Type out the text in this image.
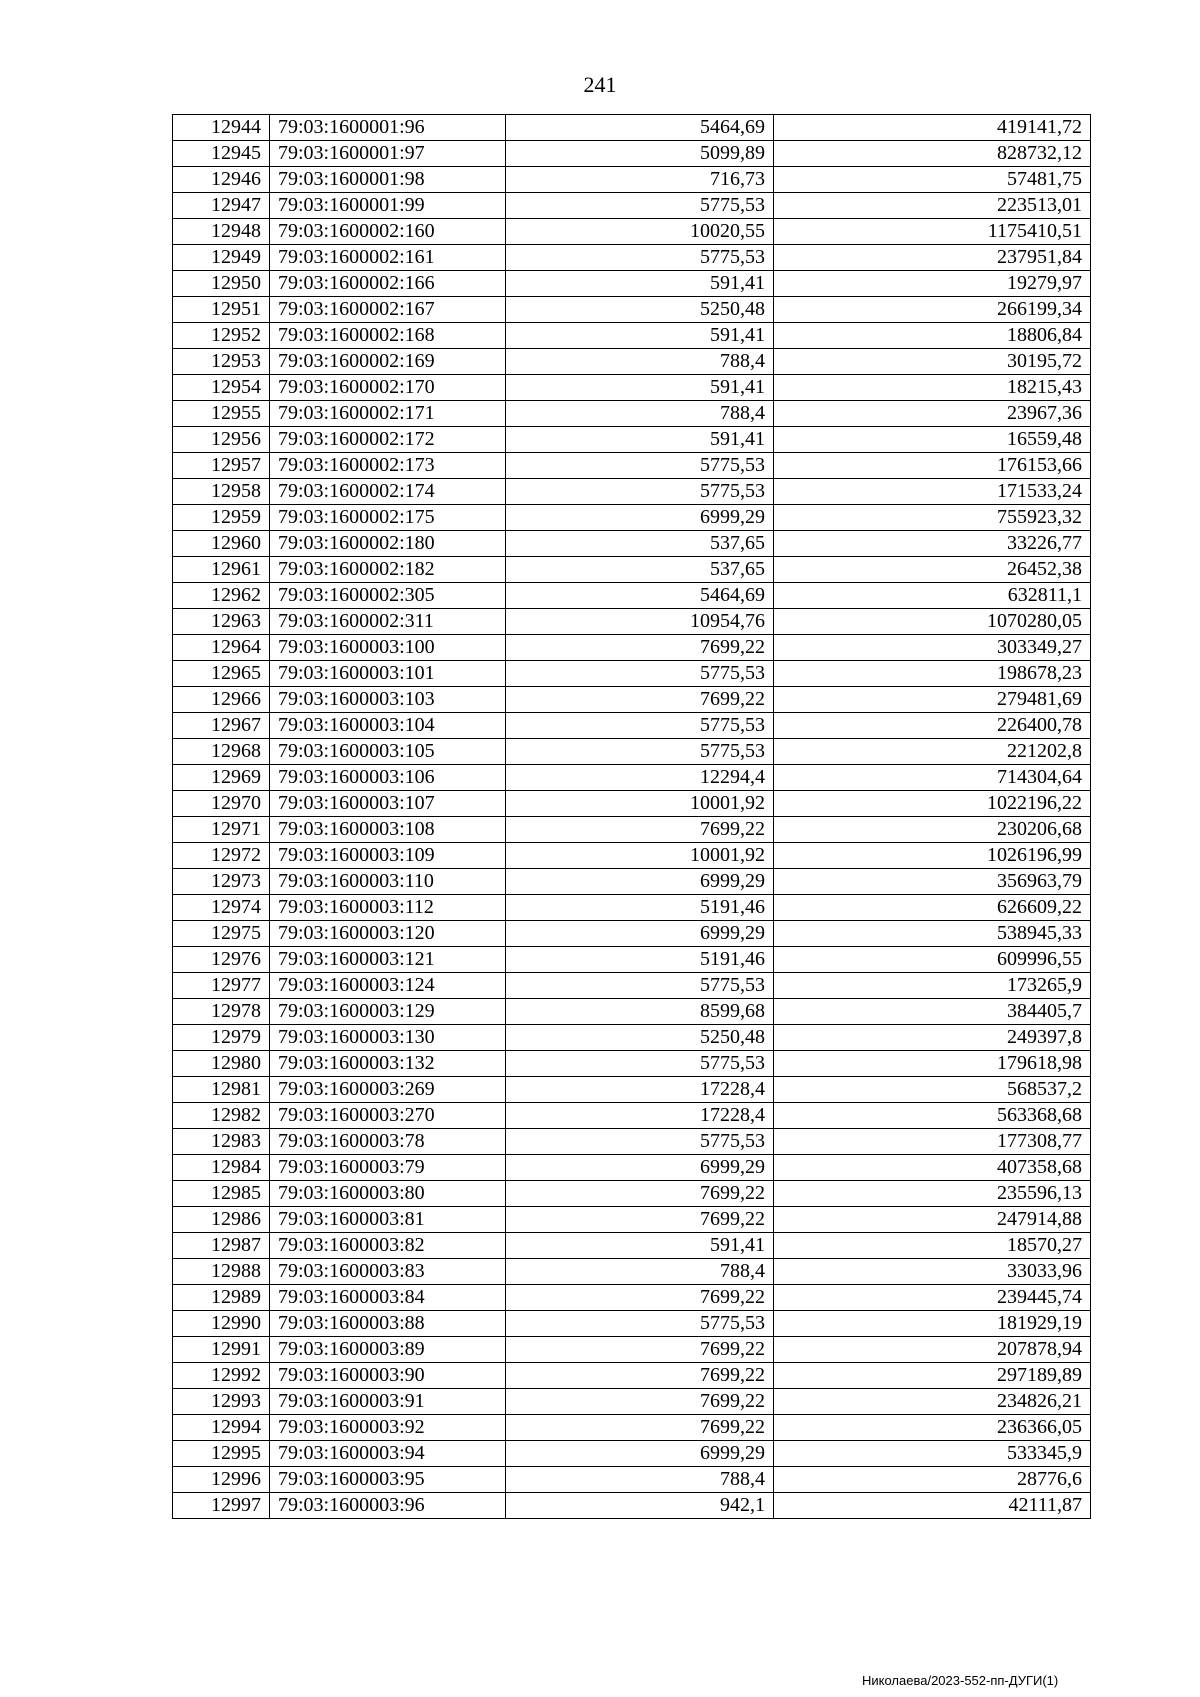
241
12944	79:03:1600001:96	5464,69	419141,72
12945	79:03:1600001:97	5099,89	828732,12
12946	79:03:1600001:98	716,73	57481,75
12947	79:03:1600001:99	5775,53	223513,01
12948	79:03:1600002:160	10020,55	1175410,51
12949	79:03:1600002:161	5775,53	237951,84
12950	79:03:1600002:166	591,41	19279,97
12951	79:03:1600002:167	5250,48	266199,34
12952	79:03:1600002:168	591,41	18806,84
12953	79:03:1600002:169	788,4	30195,72
12954	79:03:1600002:170	591,41	18215,43
12955	79:03:1600002:171	788,4	23967,36
12956	79:03:1600002:172	591,41	16559,48
12957	79:03:1600002:173	5775,53	176153,66
12958	79:03:1600002:174	5775,53	171533,24
12959	79:03:1600002:175	6999,29	755923,32
12960	79:03:1600002:180	537,65	33226,77
12961	79:03:1600002:182	537,65	26452,38
12962	79:03:1600002:305	5464,69	632811,1
12963	79:03:1600002:311	10954,76	1070280,05
12964	79:03:1600003:100	7699,22	303349,27
12965	79:03:1600003:101	5775,53	198678,23
12966	79:03:1600003:103	7699,22	279481,69
12967	79:03:1600003:104	5775,53	226400,78
12968	79:03:1600003:105	5775,53	221202,8
12969	79:03:1600003:106	12294,4	714304,64
12970	79:03:1600003:107	10001,92	1022196,22
12971	79:03:1600003:108	7699,22	230206,68
12972	79:03:1600003:109	10001,92	1026196,99
12973	79:03:1600003:110	6999,29	356963,79
12974	79:03:1600003:112	5191,46	626609,22
12975	79:03:1600003:120	6999,29	538945,33
12976	79:03:1600003:121	5191,46	609996,55
12977	79:03:1600003:124	5775,53	173265,9
12978	79:03:1600003:129	8599,68	384405,7
12979	79:03:1600003:130	5250,48	249397,8
12980	79:03:1600003:132	5775,53	179618,98
12981	79:03:1600003:269	17228,4	568537,2
12982	79:03:1600003:270	17228,4	563368,68
12983	79:03:1600003:78	5775,53	177308,77
12984	79:03:1600003:79	6999,29	407358,68
12985	79:03:1600003:80	7699,22	235596,13
12986	79:03:1600003:81	7699,22	247914,88
12987	79:03:1600003:82	591,41	18570,27
12988	79:03:1600003:83	788,4	33033,96
12989	79:03:1600003:84	7699,22	239445,74
12990	79:03:1600003:88	5775,53	181929,19
12991	79:03:1600003:89	7699,22	207878,94
12992	79:03:1600003:90	7699,22	297189,89
12993	79:03:1600003:91	7699,22	234826,21
12994	79:03:1600003:92	7699,22	236366,05
12995	79:03:1600003:94	6999,29	533345,9
12996	79:03:1600003:95	788,4	28776,6
12997	79:03:1600003:96	942,1	42111,87
Николаева/2023-552-пп-ДУГИ(1)
